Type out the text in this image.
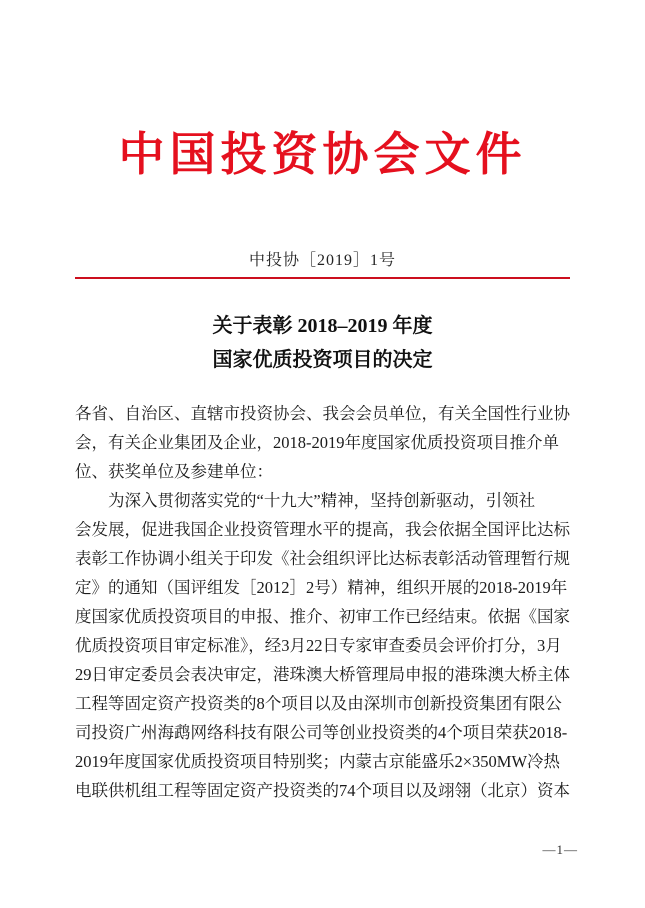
中国投资协会文件
中投协［2019］1号
关于表彰 2018–2019 年度
国家优质投资项目的决定
各省、自治区、直辖市投资协会、我会会员单位，有关全国性行业协
会，有关企业集团及企业，2018-2019年度国家优质投资项目推介单
位、获奖单位及参建单位：
为深入贯彻落实党的“十九大”精神，坚持创新驱动，引领社
会发展，促进我国企业投资管理水平的提高，我会依据全国评比达标
表彰工作协调小组关于印发《社会组织评比达标表彰活动管理暂行规
定》的通知（国评组发［2012］2号）精神，组织开展的2018-2019年
度国家优质投资项目的申报、推介、初审工作已经结束。依据《国家
优质投资项目审定标准》，经3月22日专家审查委员会评价打分，3月
29日审定委员会表决审定，港珠澳大桥管理局申报的港珠澳大桥主体
工程等固定资产投资类的8个项目以及由深圳市创新投资集团有限公
司投资广州海鹉网络科技有限公司等创业投资类的4个项目荣获2018-
2019年度国家优质投资项目特别奖；内蒙古京能盛乐2×350MW冷热
电联供机组工程等固定资产投资类的74个项目以及翊翎（北京）资本
—1—
